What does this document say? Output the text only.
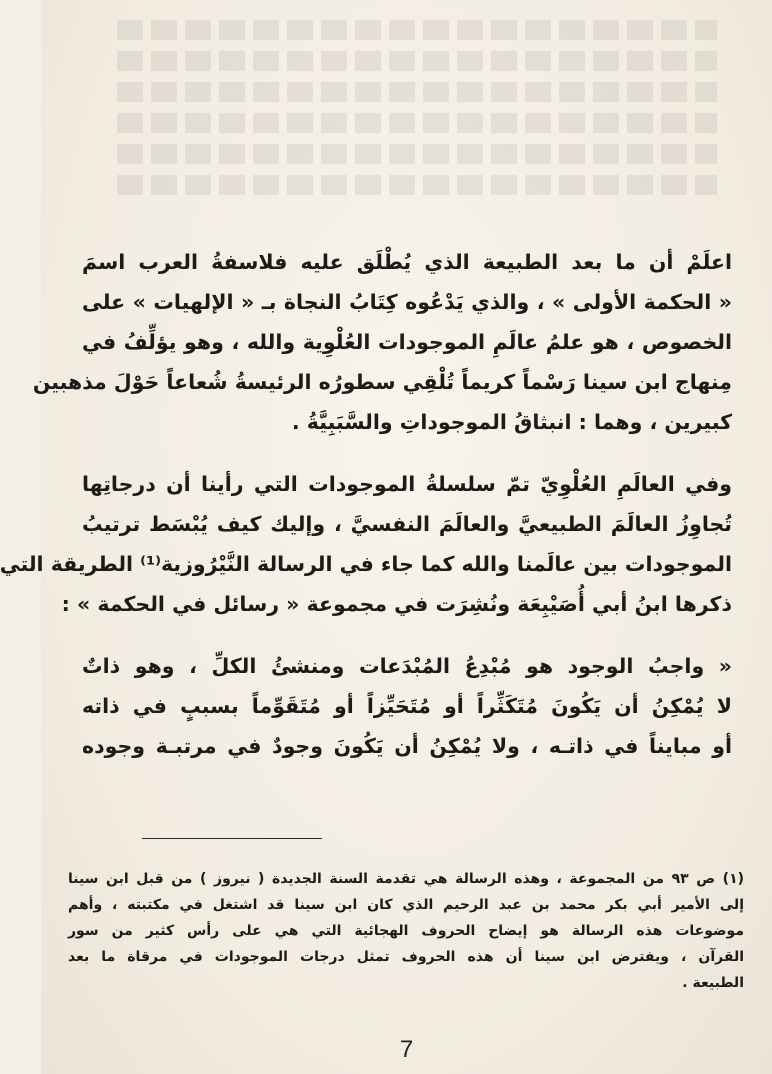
اعلَمْ أن ما بعد الطبيعة الذي يُطْلَق عليه فلاسفةُ العرب اسمَ
« الحكمة الأولى » ، والذي يَدْعُوه كِتَابُ النجاة بـ « الإلهيات » على
الخصوص ، هو علمُ عالَمِ الموجودات العُلْوِية والله ، وهو يؤلِّفُ في
مِنهاج ابن سينا رَسْماً كريماً تُلْقِي سطورُه الرئيسةُ شُعاعاً حَوْلَ مذهبين
كبيرين ، وهما : انبثاقُ الموجوداتِ والسَّبَبِيَّةُ .
وفي العالَمِ العُلْوِيّ تمّ سلسلةُ الموجودات التي رأينا أن درجاتِها
تُجاوِزُ العالَمَ الطبيعيَّ والعالَمَ النفسيَّ ، وإليك كيف يُبْسَط ترتيبُ
الموجودات بين عالَمنا والله كما جاء في الرسالة النَّيْرُوزية⁽¹⁾ الطريقة التي
ذكرها ابنُ أبي أُصَيْبِعَة ونُشِرَت في مجموعة « رسائل في الحكمة » :
« واجبُ الوجود هو مُبْدِعُ المُبْدَعات ومنشئُ الكلِّ ، وهو ذاتٌ
لا يُمْكِنُ أن يَكُونَ مُتَكَثِّراً أو مُتَحَيِّزاً أو مُتَقَوِّماً بسببٍ في ذاته
أو مبايناً في ذاتـه ، ولا يُمْكِنُ أن يَكُونَ وجودٌ في مرتبـة وجوده
(١) ص ٩٣ من المجموعة ، وهذه الرسالة هي تقدمة السنة الجديدة ( نيروز ) من قبل ابن سينا
إلى الأمير أبي بكر محمد بن عبد الرحيم الذي كان ابن سينا قد اشتغل في مكتبته ، وأهم
موضوعات هذه الرسالة هو إيضاح الحروف الهجائية التي هي على رأس كثير من سور
القرآن ، ويفترض ابن سينا أن هذه الحروف تمثل درجات الموجودات في مرقاة ما بعد
الطبيعة .
7
